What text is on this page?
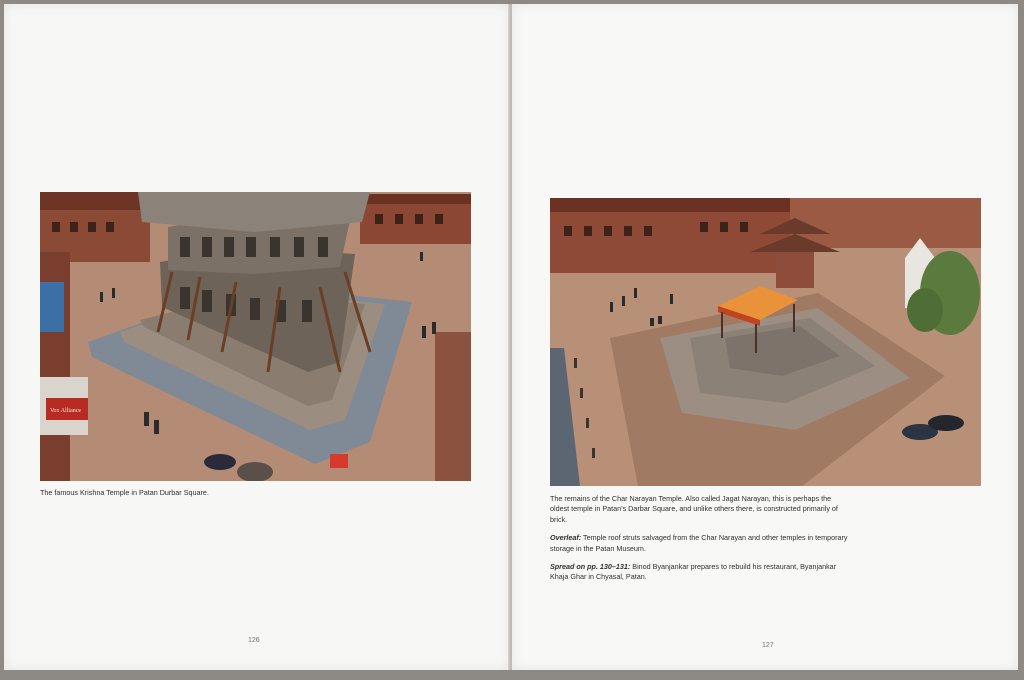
Vox Alliance
The famous Krishna Temple in Patan Durbar Square.
126

The remains of the Char Narayan Temple. Also called Jagat Narayan, this is perhaps the oldest temple in Patan’s Darbar Square, and unlike others there, is constructed primarily of brick.

Overleaf: Temple roof struts salvaged from the Char Narayan and other temples in temporary storage in the Patan Museum.

Spread on pp. 130–131: Binod Byanjankar prepares to rebuild his restaurant, Byanjankar Khaja Ghar in Chyasal, Patan.

127
